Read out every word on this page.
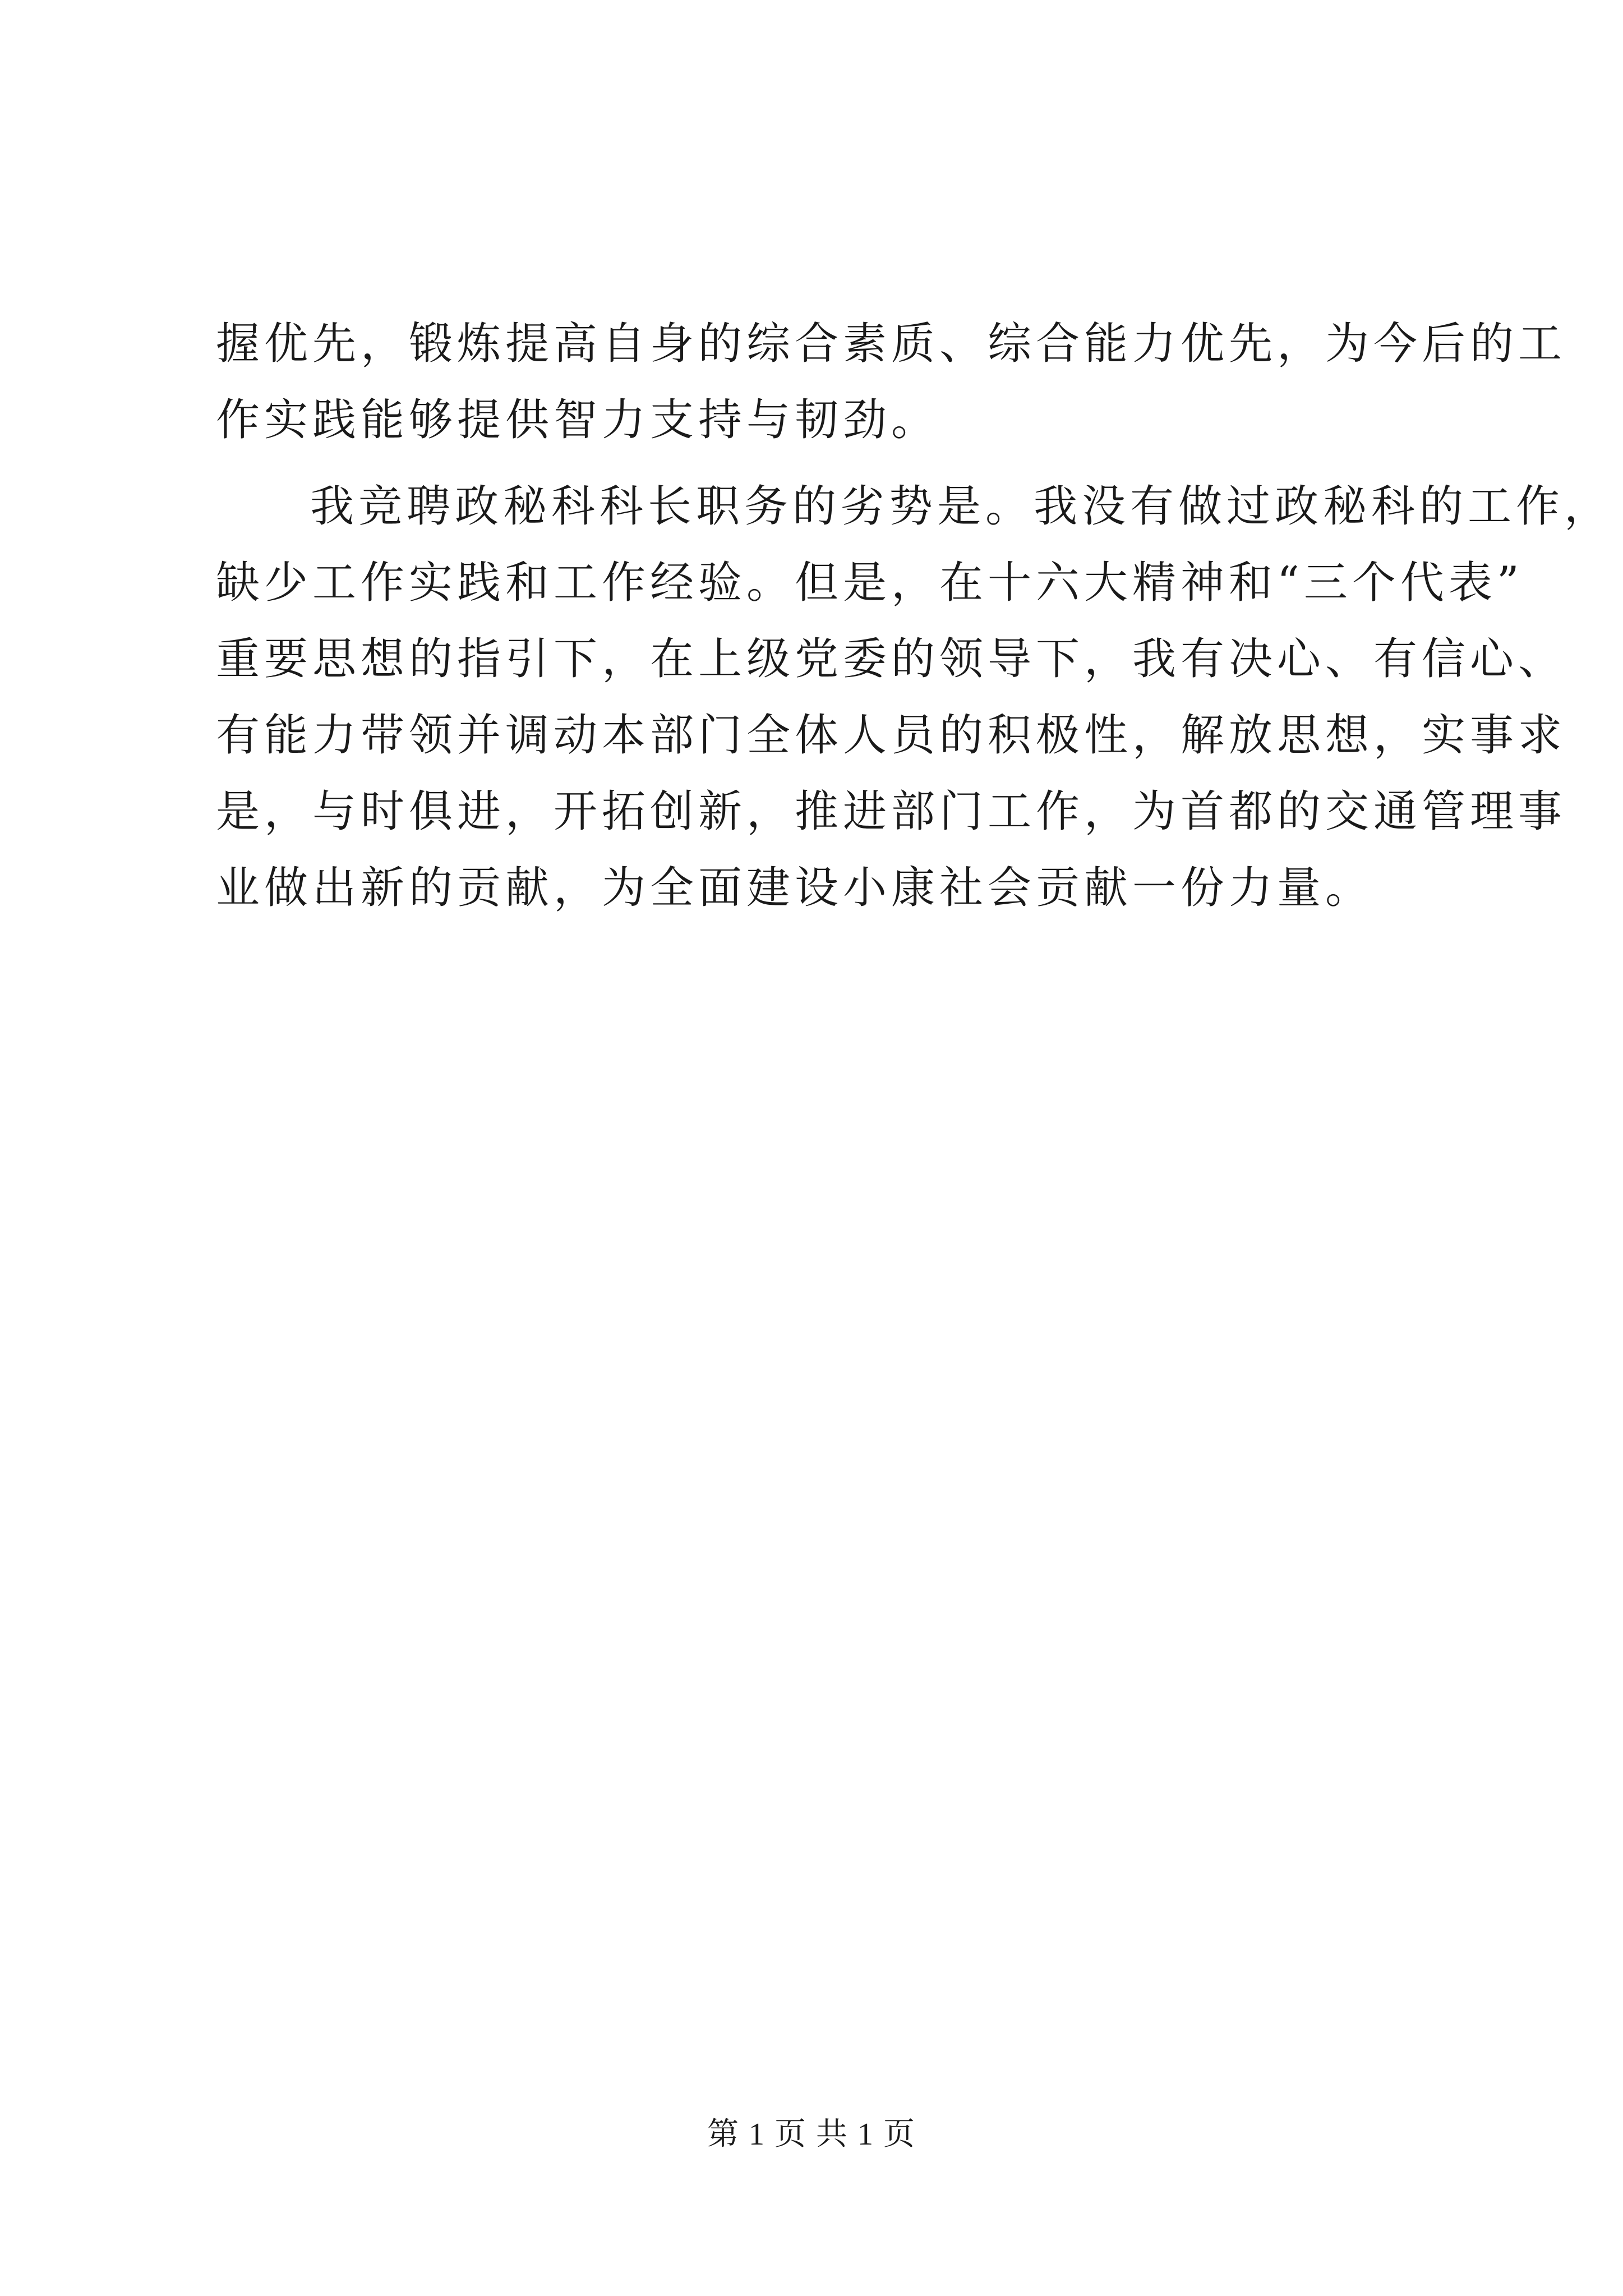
握优先，锻炼提高自身的综合素质、综合能力优先，为今后的工
作实践能够提供智力支持与韧劲。
我竞聘政秘科科长职务的劣势是。我没有做过政秘科的工作，
缺少工作实践和工作经验。但是，在十六大精神和“三个代表”
重要思想的指引下，在上级党委的领导下，我有决心、有信心、
有能力带领并调动本部门全体人员的积极性，解放思想，实事求
是，与时俱进，开拓创新，推进部门工作，为首都的交通管理事
业做出新的贡献，为全面建设小康社会贡献一份力量。
第 1 页 共 1 页
